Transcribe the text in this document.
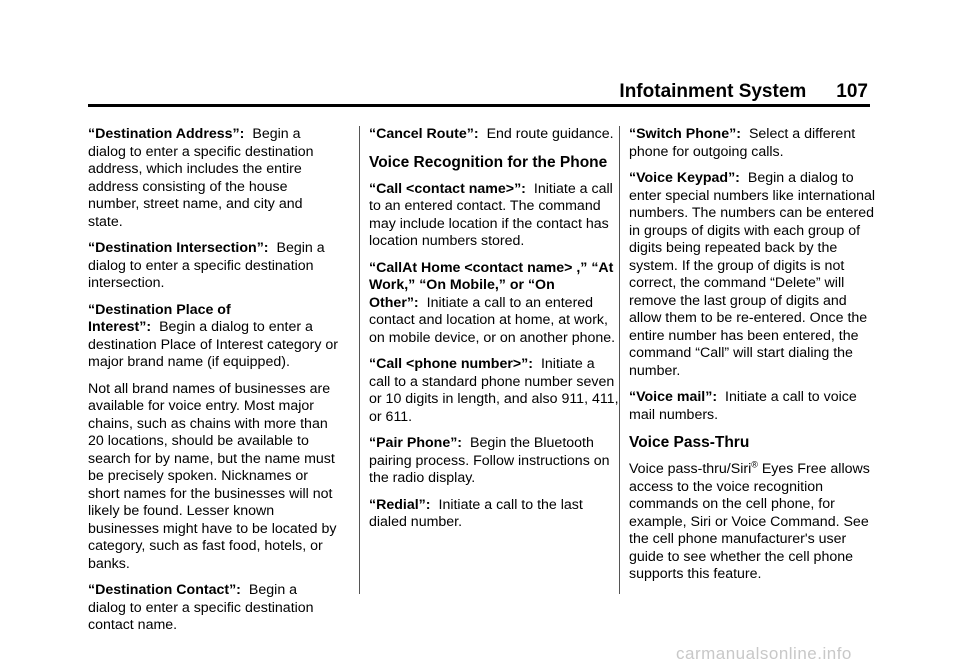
Infotainment System 107

“Destination Address”: Begin a dialog to enter a specific destination address, which includes the entire address consisting of the house number, street name, and city and state.

“Destination Intersection”: Begin a dialog to enter a specific destination intersection.

“Destination Place of Interest”: Begin a dialog to enter a destination Place of Interest category or major brand name (if equipped).

Not all brand names of businesses are available for voice entry. Most major chains, such as chains with more than 20 locations, should be available to search for by name, but the name must be precisely spoken. Nicknames or short names for the businesses will not likely be found. Lesser known businesses might have to be located by category, such as fast food, hotels, or banks.

“Destination Contact”: Begin a dialog to enter a specific destination contact name.

“Cancel Route”: End route guidance.

Voice Recognition for the Phone

“Call <contact name>”: Initiate a call to an entered contact. The command may include location if the contact has location numbers stored.

“CallAt Home <contact name> ,” “At Work,” “On Mobile,” or “On Other”: Initiate a call to an entered contact and location at home, at work, on mobile device, or on another phone.

“Call <phone number>”: Initiate a call to a standard phone number seven or 10 digits in length, and also 911, 411, or 611.

“Pair Phone”: Begin the Bluetooth pairing process. Follow instructions on the radio display.

“Redial”: Initiate a call to the last dialed number.

“Switch Phone”: Select a different phone for outgoing calls.

“Voice Keypad”: Begin a dialog to enter special numbers like international numbers. The numbers can be entered in groups of digits with each group of digits being repeated back by the system. If the group of digits is not correct, the command “Delete” will remove the last group of digits and allow them to be re-entered. Once the entire number has been entered, the command “Call” will start dialing the number.

“Voice mail”: Initiate a call to voice mail numbers.

Voice Pass-Thru

Voice pass-thru/Siri® Eyes Free allows access to the voice recognition commands on the cell phone, for example, Siri or Voice Command. See the cell phone manufacturer's user guide to see whether the cell phone supports this feature.

carmanualsonline.info
